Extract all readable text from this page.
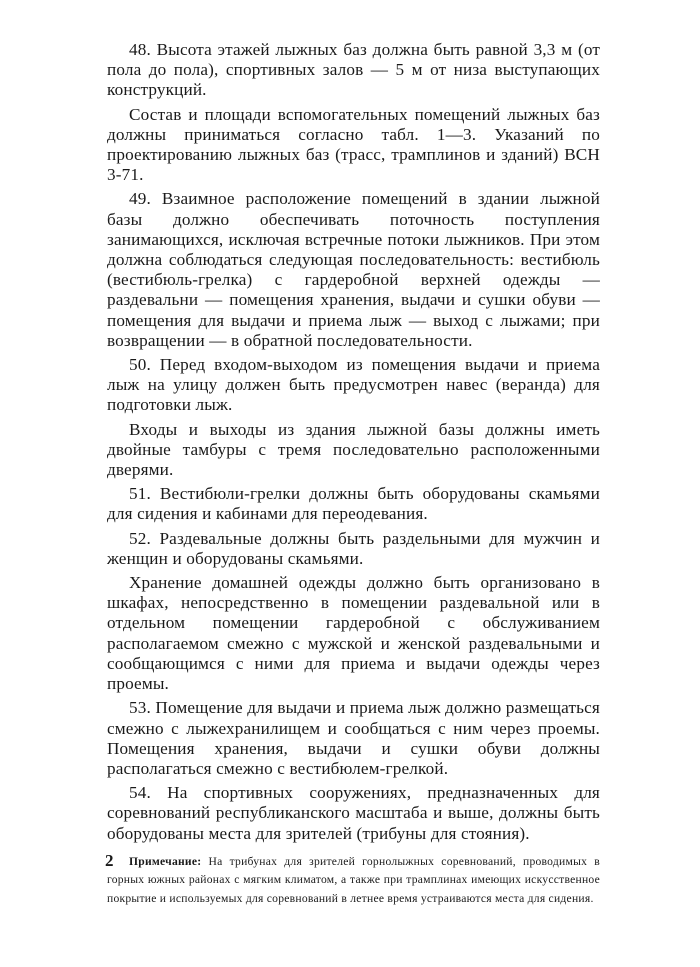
48. Высота этажей лыжных баз должна быть равной 3,3 м (от пола до пола), спортивных залов — 5 м от низа выступающих конструкций.

Состав и площади вспомогательных помещений лыжных баз должны приниматься согласно табл. 1—3. Указаний по проектированию лыжных баз (трасс, трамплинов и зданий) ВСН 3-71.

49. Взаимное расположение помещений в здании лыжной базы должно обеспечивать поточность поступления занимающихся, исключая встречные потоки лыжников. При этом должна соблюдаться следующая последовательность: вестибюль (вестибюль-грелка) с гардеробной верхней одежды — раздевальни — помещения хранения, выдачи и сушки обуви — помещения для выдачи и приема лыж — выход с лыжами; при возвращении — в обратной последовательности.

50. Перед входом-выходом из помещения выдачи и приема лыж на улицу должен быть предусмотрен навес (веранда) для подготовки лыж.

Входы и выходы из здания лыжной базы должны иметь двойные тамбуры с тремя последовательно расположенными дверями.

51. Вестибюли-грелки должны быть оборудованы скамьями для сидения и кабинами для переодевания.

52. Раздевальные должны быть раздельными для мужчин и женщин и оборудованы скамьями.

Хранение домашней одежды должно быть организовано в шкафах, непосредственно в помещении раздевальной или в отдельном помещении гардеробной с обслуживанием располагаемом смежно с мужской и женской раздевальными и сообщающимся с ними для приема и выдачи одежды через проемы.

53. Помещение для выдачи и приема лыж должно размещаться смежно с лыжехранилищем и сообщаться с ним через проемы. Помещения хранения, выдачи и сушки обуви должны располагаться смежно с вестибюлем-грелкой.

54. На спортивных сооружениях, предназначенных для соревнований республиканского масштаба и выше, должны быть оборудованы места для зрителей (трибуны для стояния).

Примечание: На трибунах для зрителей горнолыжных соревнований, проводимых в горных южных районах с мягким климатом, а также при трамплинах имеющих искусственное покрытие и используемых для соревнований в летнее время устраиваются места для сидения.

2
